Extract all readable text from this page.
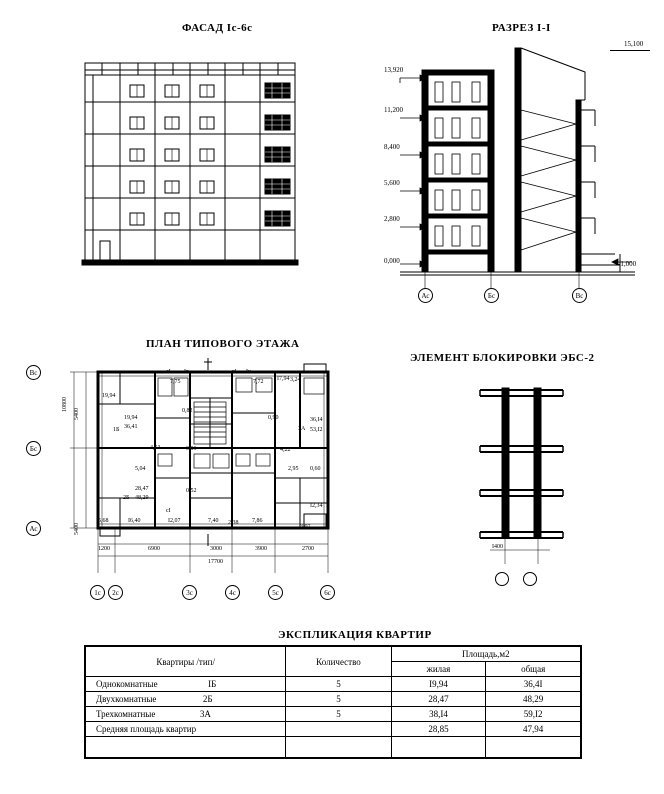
ФАСАД Iс-6с	РАЗРЕЗ I-I
15,100
13,920
11,200
8,400
5,600
2,800
0,000	-1,000
Ас	Бс	Вс
ПЛАН ТИПОВОГО ЭТАЖА
10800
5400
5400
1200	6900	3000	3900	2700
17700
Вс
Бс
Ас
1с	2с	3с	4с	5с	6с
19,94
7,75	7,72 I7,94 3,24
19,94
36,41
1Б
0,82
0,90	36,I4
53,I2
3А
4,53	0,81	4,22
5,04	2,95 0,60
28,47
48,29
2Б
0,52
I2,34
5,68	I6,40	I2,07	7,40	7,86
3,07
сI Iг	гI Iк
сI
2,38
ЭЛЕМЕНТ БЛОКИРОВКИ ЭБС-2
I400
ЭКСПЛИКАЦИЯ КВАРТИР
Квартиры /тип/	Количество	Площадь,м2	
		жилая	общая
Однокомнатные IБ	5	I9,94	36,4I
Двухкомнатные 2Б	5	28,47	48,29
Трехкомнатные 3А	5	38,I4	59,I2
Средняя площадь квартир		28,85	47,94
